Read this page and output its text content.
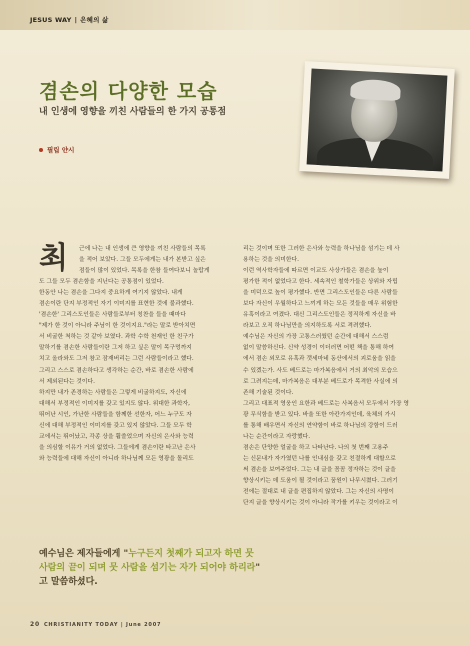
JESUS WAY | 은혜의 삶
겸손의 다양한 모습
내 인생에 영향을 끼친 사람들의 한 가지 공통점
필립 얀시
최	근에 나는 내 인생에 큰 영향을 끼친 사람들의 목록

을 적어 보았다. 그들 모두에게는 내가 본받고 싶은

점들이 많이 있었다. 목록을 한참 들여다보니 놀랍게

도 그들 모두 겸손함을 지닌다는 공통점이 있었다.

한동안 나는 겸손을 그다지 중요하게 여기지 않았다. 내게

겸손이란 단지 부정적인 자기 이미지를 표현한 것에 불과했다.

'겸손한' 그리스도인들은 사람들로부터 칭찬을 들을 때마다

"제가 한 것이 아니라 주님이 한 것이지요."라는 말로 받아치면

서 비굴한 척하는 것 같아 보였다. 과학 수학 천재인 한 친구가

말하기를 겸손한 사람들이란 그저 하고 싶은 말이 목구멍까지

치고 올라와도 그저 참고 잠재버리는 그런 사람들이라고 했다.

그리고 스스로 겸손하다고 생각하는 순간, 바로 겸손한 사람에

서 제외된다는 것이다.

하지만 내가 존경하는 사람들은 그렇게 비굴하지도, 자신에

대해서 부정적인 이미지를 갖고 있지도 않다. 위대한 과학자,

뛰어난 시인, 가난한 사람들을 함께한 선한자, 어느 누구도 자

신에 대해 부정적인 이미지를 갖고 있지 않았다. 그들 모두 학

교에서는 뛰어났고, 각종 상을 휩쓸었으며 자신의 은사와 능력

을 의심할 이유가 거의 없었다. 그들에게 겸손이란 타고난 은사

와 능력들에 대해 자신이 아니라 하나님께 모든 영광을 돌리도

리는 것이며 또한 그러한 은사와 능력을 하나님을 섬기는 데 사

용하는 것을 의미한다.

이런 역사학자들에 따르면 이교도 사상가들은 겸손을 높이

평가한 적이 없었다고 한다. 세속적인 철학가들은 상위와 자립

을 미덕으로 높이 평가했다. 반면 그리스도인들은 다른 사람들

보다 자신이 우월하다고 느끼게 하는 모든 것들을 매우 위험한

유혹이라고 여겼다. 대신 그리스도인들은 정직하게 자신을 바

라보고 오직 하나님만을 의지하도록 서로 격려했다.

예수님은 자신의 가장 고통스러웠던 순간에 대해서 스스럼

없이 말씀하신다. 신약 성경이 이더러면 어떤 책을 통해 하여

에서 겸손 외모로 유혹과 갯세마네 동산에서의 괴로움을 읽을

수 있겠는가. 사도 베드로는 마가복음에서 거의 최악의 모습으

로 그려지는데, 마가복음은 대부분 베드로가 목격한 사실에 의

존해 기술된 것이다.

그리고 대표적 영웅인 요한과 베드로는 사복음서 모두에서 가장 영

광 무식함을 받고 있다. 바울 또한 아칸가지인데, 육체의 가시

를 통해 배우면서 자신의 연약함이 바로 하나님의 강함이 드러

나는 순간이라고 자랑했다.

겸손은 단양한 얼굴을 하고 나타난다. 나의 첫 번째 고용주

는 신문내가 자가였던 나를 인내심을 갖고 친절하게 대할으로

써 겸손을 보여주었다. 그는 내 글을 꼼꼼 정자하는 것이 글을

향상시키는 데 도움이 될 것이라고 꿈원이 나무시켰다. 그러기

전에는 절대로 내 글을 편집하지 않았다. 그는 자신의 사명이

단지 글을 향상시키는 것이 아니라 작가를 키우는 것이라고 이

예수님은 제자들에게 "누구든지 첫째가 되고자 하면 뭇

사람의 끝이 되며 뭇 사람을 섬기는 자가 되어야 하리라"

고 말씀하셨다.

20 CHRISTIANITY TODAY | June 2007
